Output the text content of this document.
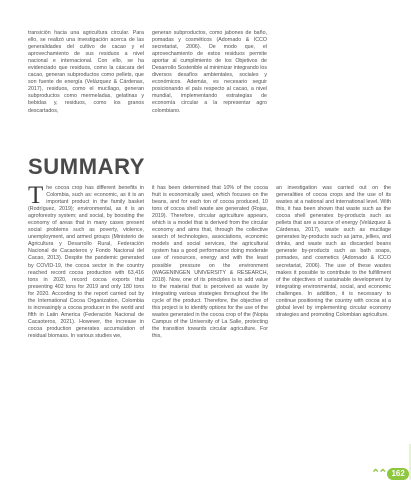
transición hacia una agricultura circular. Para ello, se realizó una investigación acerca de las generalidades del cultivo de cacao y el aprovechamiento de sus residuos a nivel nacional e internacional. Con ello, se ha evidenciado que residuos, como la cáscara del cacao, generan subproductos como pellets, que son fuente de energía (Velázquez & Cárdenas, 2017), residuos, como el mucílago, generan subproductos como mermeladas, gelatinas y bebidas y, residuos, como los granos descartados,

generan subproductos, como jabones de baño, pomadas y cosméticos (Adornado & ICCO secretariat, 2006). De modo que, el aprovechamiento de estos residuos permite aportar al cumplimiento de los Objetivos de Desarrollo Sostenible al minimizar integrando los diversos desafíos ambientales, sociales y económicos. Además, es necesario seguir posicionando el país respecto al cacao, a nivel mundial, implementando estrategias de economía circular a la representar agro colombiano.

SUMMARY
The cocoa crop has different benefits in Colombia, such as: economic, as it is an important product in the family basket (Rodríguez, 2019); environmental, as it is an agroforestry system; and social, by boosting the economy of areas that in many cases present social problems such as poverty, violence, unemployment, and armed groups (Ministerio de Agricultura y Desarrollo Rural, Federación Nacional de Cacaoteros y Fondo Nacional del Cacao, 2013). Despite the pandemic generated by COVID-19, the cocoa sector in the country reached record cocoa production with 63,416 tons in 2020, record cocoa exports that presenting 402 tons for 2019 and only 180 tons for 2020. According to the report carried out by the International Cocoa Organization, Colombia is increasingly a cocoa producer in the world and fifth in Latin America (Federación Nacional de Cacaoteros, 2021). However, the increase in cocoa production generates accumulation of residual biomass. In various studies we,

it has been determined that 10% of the cocoa fruit is economically used, which focuses on the beans, and for each ton of cocoa produced, 10 tons of cocoa shell waste are generated (Rojas, 2019). Therefore, circular agriculture appears, which is a model that is derived from the circular economy and aims that, through the collective search of technologies, associations, economic models and social services, the agricultural system has a good performance doing moderate use of resources, energy and with the least possible pressure on the environment (WAGENINGEN UNIVERSITY & RESEARCH, 2018). Now, one of its principles is to add value to the material that is perceived as waste by integrating various strategies throughout the life cycle of the product. Therefore, the objective of this project is to identify options for the use of the wastes generated in the cocoa crop of the (Nopia Campus of the University of La Salle, protecting the transition towards circular agriculture. For this,

an investigation was carried out on the generalities of cocoa crops and the use of its wastes at a national and international level. With this, it has been shown that waste such as the cocoa shell generates by-products such as pellets that are a source of energy (Velázquez & Cárdenas, 2017), waste such as mucilage generates by-products such as jams, jellies, and drinks, and waste such as discarded beans generate by-products such as bath soaps, pomades, and cosmetics (Adornado & ICCO secretariat, 2006). The use of these wastes makes it possible to contribute to the fulfillment of the objectives of sustainable development by integrating environmental, social, and economic challenges. In addition, it is necessary to continue positioning the country with cocoa at a global level by implementing circular economy strategies and promoting Colombian agriculture.

⌃⌃ 162
